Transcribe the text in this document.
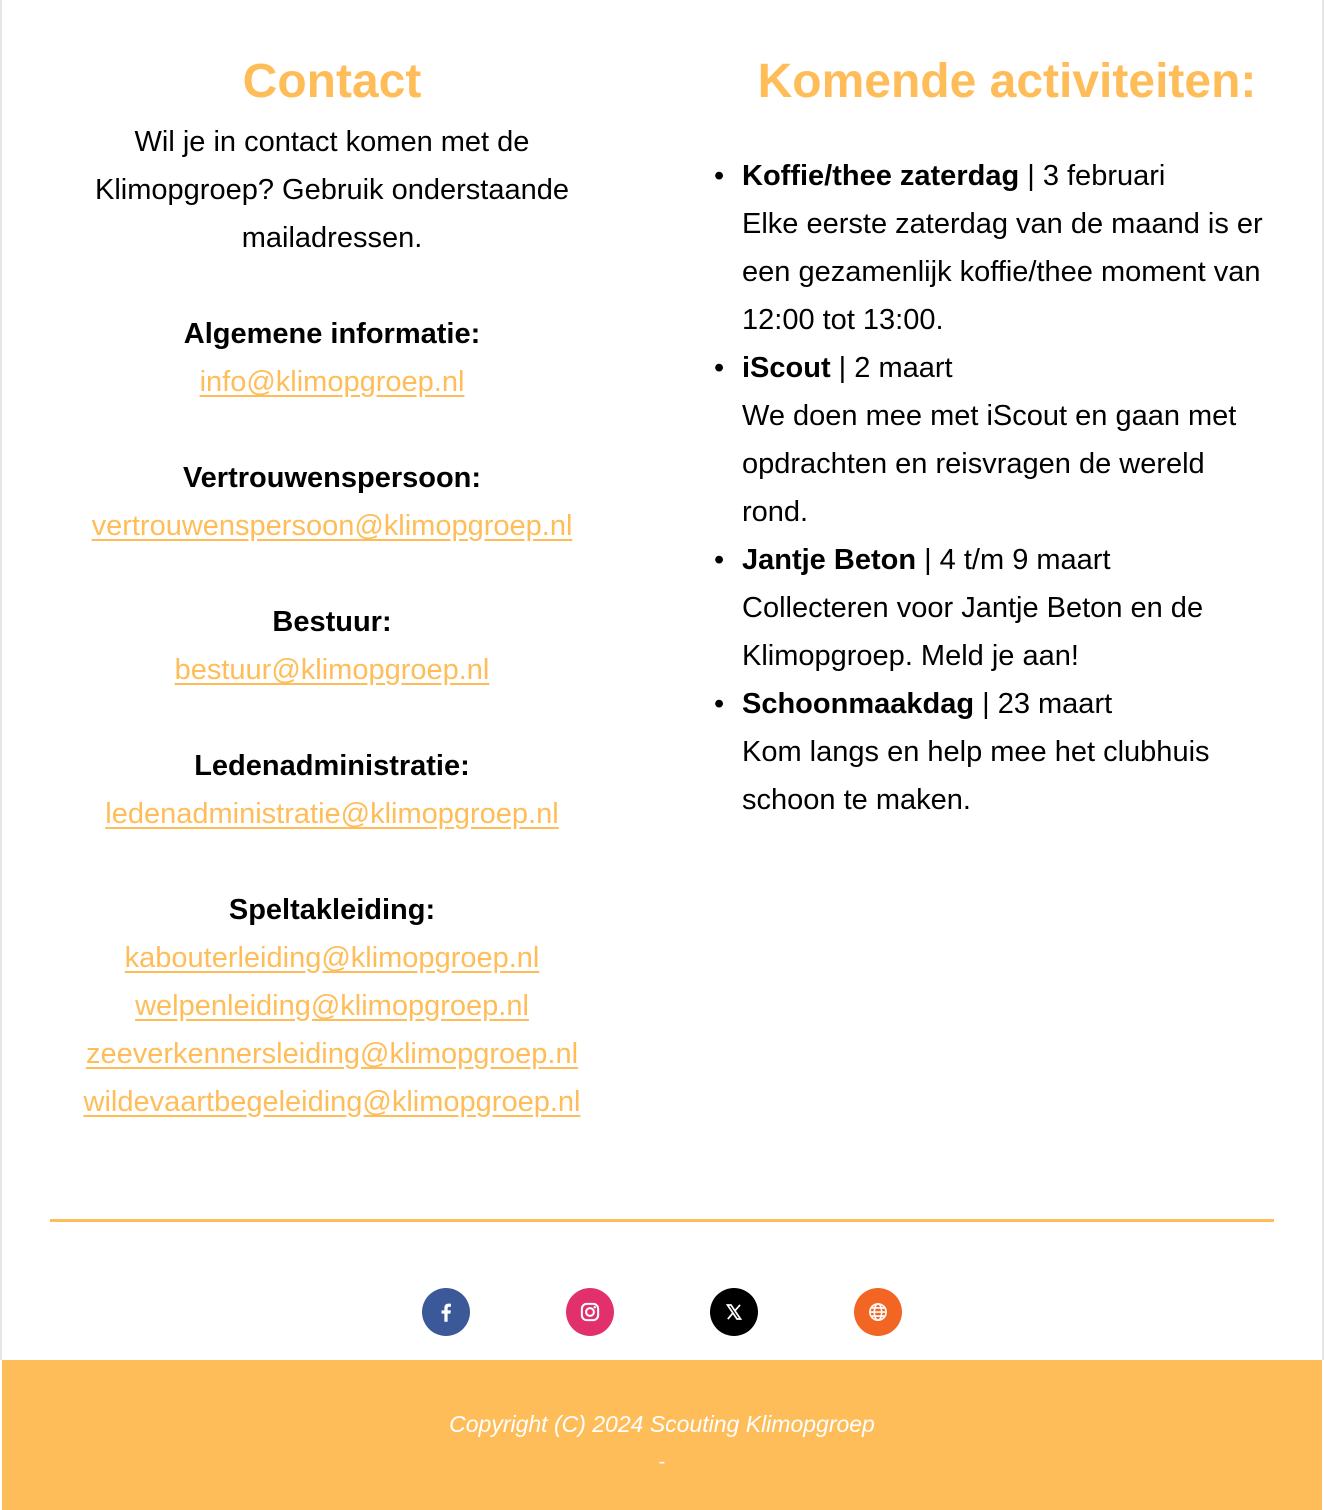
Contact
Wil je in contact komen met de
Klimopgroep? Gebruik onderstaande
mailadressen.
Algemene informatie:
info@klimopgroep.nl
Vertrouwenspersoon:
vertrouwenspersoon@klimopgroep.nl
Bestuur:
bestuur@klimopgroep.nl
Ledenadministratie:
ledenadministratie@klimopgroep.nl
Speltakleiding:
kabouterleiding@klimopgroep.nl
welpenleiding@klimopgroep.nl
zeeverkennersleiding@klimopgroep.nl
wildevaartbegeleiding@klimopgroep.nl
Komende activiteiten:
• Koffie/thee zaterdag | 3 februari
Elke eerste zaterdag van de maand is er
een gezamenlijk koffie/thee moment van
12:00 tot 13:00.
• iScout | 2 maart
We doen mee met iScout en gaan met
opdrachten en reisvragen de wereld
rond.
• Jantje Beton | 4 t/m 9 maart
Collecteren voor Jantje Beton en de
Klimopgroep. Meld je aan!
• Schoonmaakdag | 23 maart
Kom langs en help mee het clubhuis
schoon te maken.
Copyright (C) 2024 Scouting Klimopgroep
-
